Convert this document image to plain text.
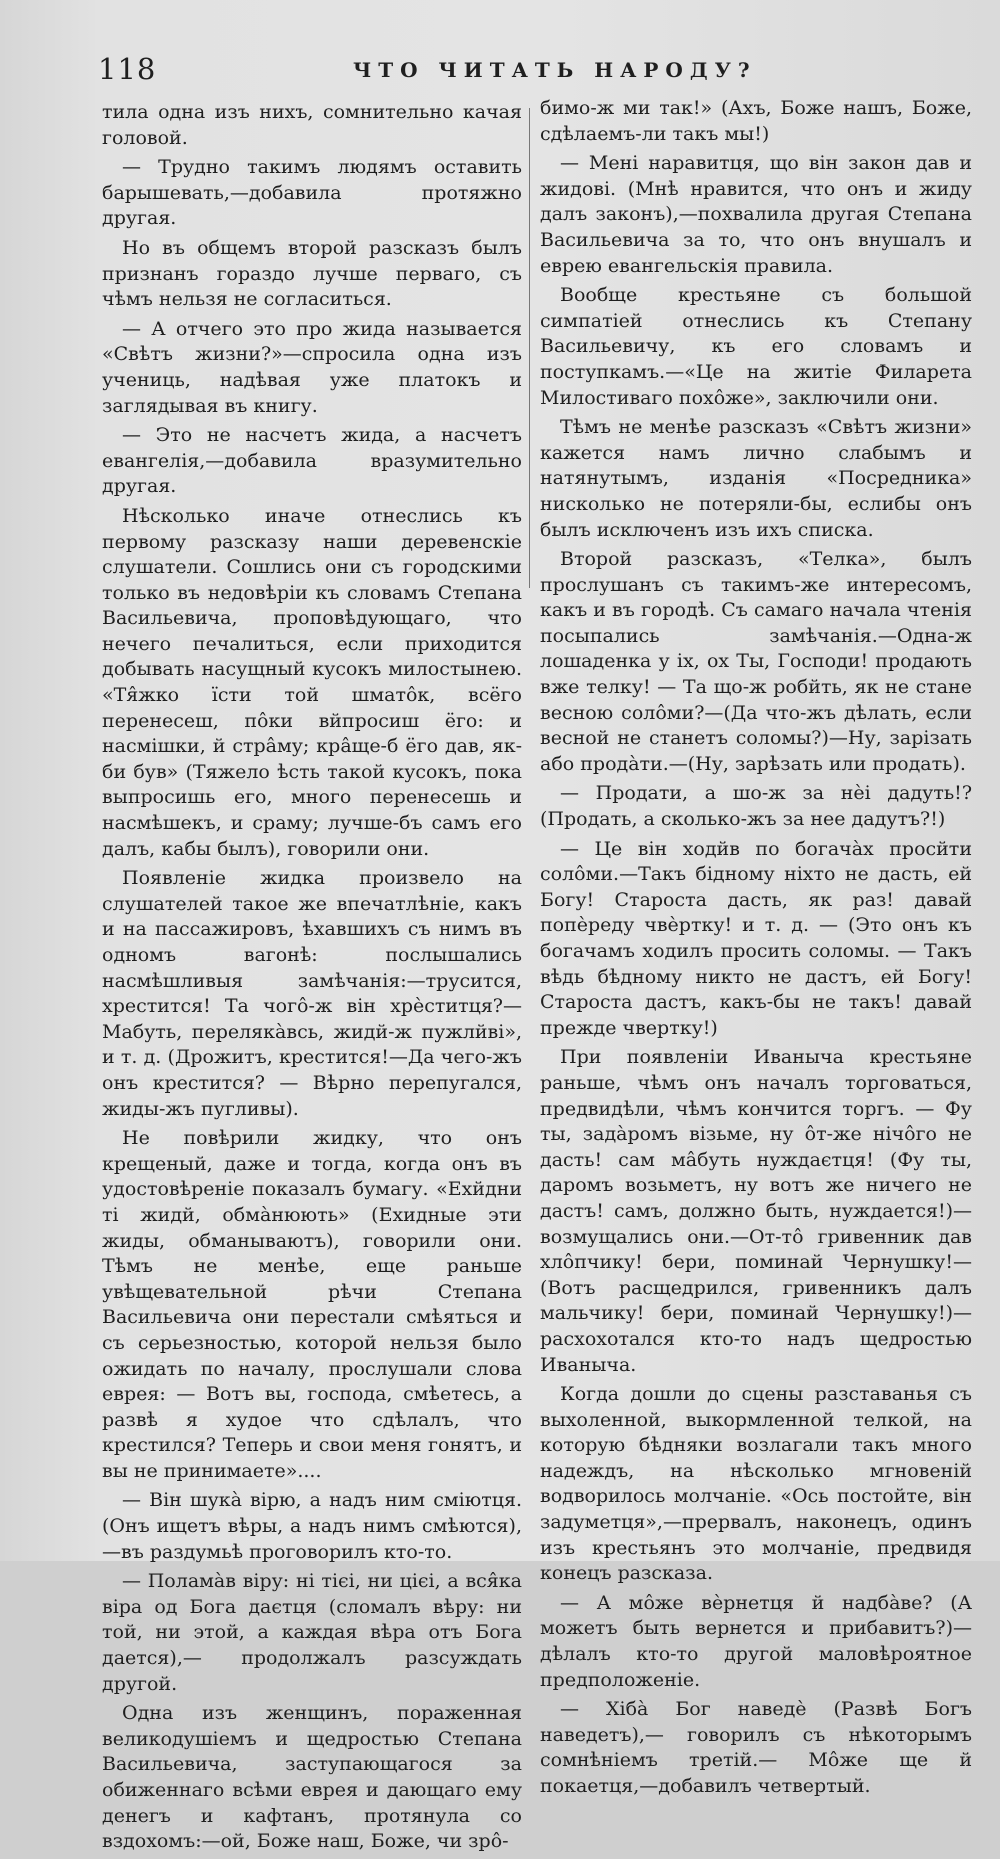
118	ЧТО ЧИТАТЬ НАРОДУ?

тила одна изъ нихъ, сомнительно качая головой.

— Трудно такимъ людямъ оставить барышевать,—добавила протяжно другая.

Но въ общемъ второй разсказъ былъ признанъ гораздо лучше перваго, съ чѣмъ нельзя не согласиться.

— А отчего это про жида называется «Свѣтъ жизни?»—спросила одна изъ учениць, надѣвая уже платокъ и заглядывая въ книгу.

— Это не насчетъ жида, а насчетъ евангелія,—добавила вразумительно другая.

Нѣсколько иначе отнеслись къ первому разсказу наши деревенскіе слушатели. Сошлись они съ городскими только въ недовѣріи къ словамъ Степана Васильевича, проповѣдующаго, что нечего печалиться, если приходится добывать насущный кусокъ милостынею. «Тя̂жко їсти той шматôк, всёго перенесеш, пôки вйпросиш ёго: и насмiшки, й стра̂му; кра̂ще-б ёго дав, як-би був» (Тяжело ѣсть такой кусокъ, пока выпросишь его, много перенесешь и насмѣшекъ, и сраму; лучше-бъ самъ его далъ, кабы былъ), говорили они.

Появленіе жидка произвело на слушателей такое же впечатлѣніе, какъ и на пассажировъ, ѣхавшихъ съ нимъ въ одномъ вагонѣ: послышались насмѣшливыя замѣчанія:—трусится, хрестится! Та чогô-ж вiн хрѐститця?— Мабуть, перелякàвсь, жидй-ж пужлйвi», и т. д. (Дрожитъ, крестится!—Да чего-жъ онъ крестится? — Вѣрно перепугался, жиды-жъ пугливы).

Не повѣрили жидку, что онъ крещеный, даже и тогда, когда онъ въ удостовѣреніе показалъ бумагу. «Ехйдни тi жидй, обма̀нюють» (Ехидные эти жиды, обманываютъ), говорили они. Тѣмъ не менѣе, еще раньше увѣщевательной рѣчи Степана Васильевича они перестали смѣяться и съ серьезностью, которой нельзя было ожидать по началу, прослушали слова еврея: — Вотъ вы, господа, смѣетесь, а развѣ я худое что сдѣлалъ, что крестился? Теперь и свои меня гонятъ, и вы не принимаете»....

— Вiн шука̀ вiрю, а надъ ним смiютця. (Онъ ищетъ вѣры, а надъ нимъ смѣются),—въ раздумьѣ проговорилъ кто-то.

— Полама̀в вiру: нi тiєi, ни цiєi, а вся̂ка вiра од Бога даєтця (сломалъ вѣру: ни той, ни этой, а каждая вѣра отъ Бога дается),— продолжалъ разсуждать другой.

Одна изъ женщинъ, пораженная великодушіемъ и щедростью Степана Васильевича, заступающагося за обиженнаго всѣми еврея и дающаго ему денегъ и кафтанъ, протянула со вздохомъ:—ой, Боже наш, Боже, чи зрô-

бимо-ж ми так!» (Ахъ, Боже нашъ, Боже, сдѣлаемъ-ли такъ мы!)

— Менi наравитця, що вiн закон дав и жидовi. (Мнѣ нравится, что онъ и жиду далъ законъ),—похвалила другая Степана Васильевича за то, что онъ внушалъ и еврею евангельскія правила.

Вообще крестьяне съ большой симпатіей отнеслись къ Степану Васильевичу, къ его словамъ и поступкамъ.—«Це на житiе Филарета Милостиваго похôже», заключили они.

Тѣмъ не менѣе разсказъ «Свѣтъ жизни» кажется намъ лично слабымъ и натянутымъ, изданія «Посредника» нисколько не потеряли-бы, еслибы онъ былъ исключенъ изъ ихъ списка.

Второй разсказъ, «Телка», былъ прослушанъ съ такимъ-же интересомъ, какъ и въ городѣ. Съ самаго начала чтенія посыпались замѣчанія.—Одна-ж лошаденка у iх, ох Ты, Господи! продають вже телку! — Та що-ж робйть, як не стане весною солôми?—(Да что-жъ дѣлать, если весной не станетъ соломы?)—Ну, зарiзать або продàти.—(Ну, зарѣзать или продать).

— Продати, а шо-ж за нèi дадуть!? (Продать, а сколько-жъ за нее дадутъ?!)

— Це вiн ходйв по богача̀х просйти солôми.—Такъ бiдному нiхто не дасть, ей Богу! Староста дасть, як раз! давай попѐреду чвѐртку! и т. д. — (Это онъ къ богачамъ ходилъ просить соломы. — Такъ вѣдь бѣдному никто не дастъ, ей Богу! Староста дастъ, какъ-бы не такъ! давай прежде чвертку!)

При появленіи Иваныча крестьяне раньше, чѣмъ онъ началъ торговаться, предвидѣли, чѣмъ кончится торгъ. — Фу ты, зада̀ромъ вiзьме, ну ôт-же нiчôго не дасть! сам ма̂буть нуждаєтця! (Фу ты, даромъ возьметъ, ну вотъ же ничего не дастъ! самъ, должно быть, нуждается!)—возмущались они.—От-тô гривенник дав хлôпчику! бери, поминай Чернушку!—(Вотъ расщедрился, гривенникъ далъ мальчику! бери, поминай Чернушку!)— расхохотался кто-то надъ щедростью Иваныча.

Когда дошли до сцены разставанья съ выхоленной, выкормленной телкой, на которую бѣдняки возлагали такъ много надеждъ, на нѣсколько мгновеній водворилось молчаніе. «Ось постойте, вiн задуметця»,—прервалъ, наконецъ, одинъ изъ крестьянъ это молчаніе, предвидя конецъ разсказа.

— А мôже вѐрнетця й надба̀ве? (А можетъ быть вернется и прибавитъ?)—дѣлалъ кто-то другой маловѣроятное предположеніе.

— Хiба̀ Бог наведѐ (Развѣ Богъ наведетъ),— говорилъ съ нѣкоторымъ сомнѣніемъ третій.— Мôже ще й покаетця,—добавилъ четвертый.
